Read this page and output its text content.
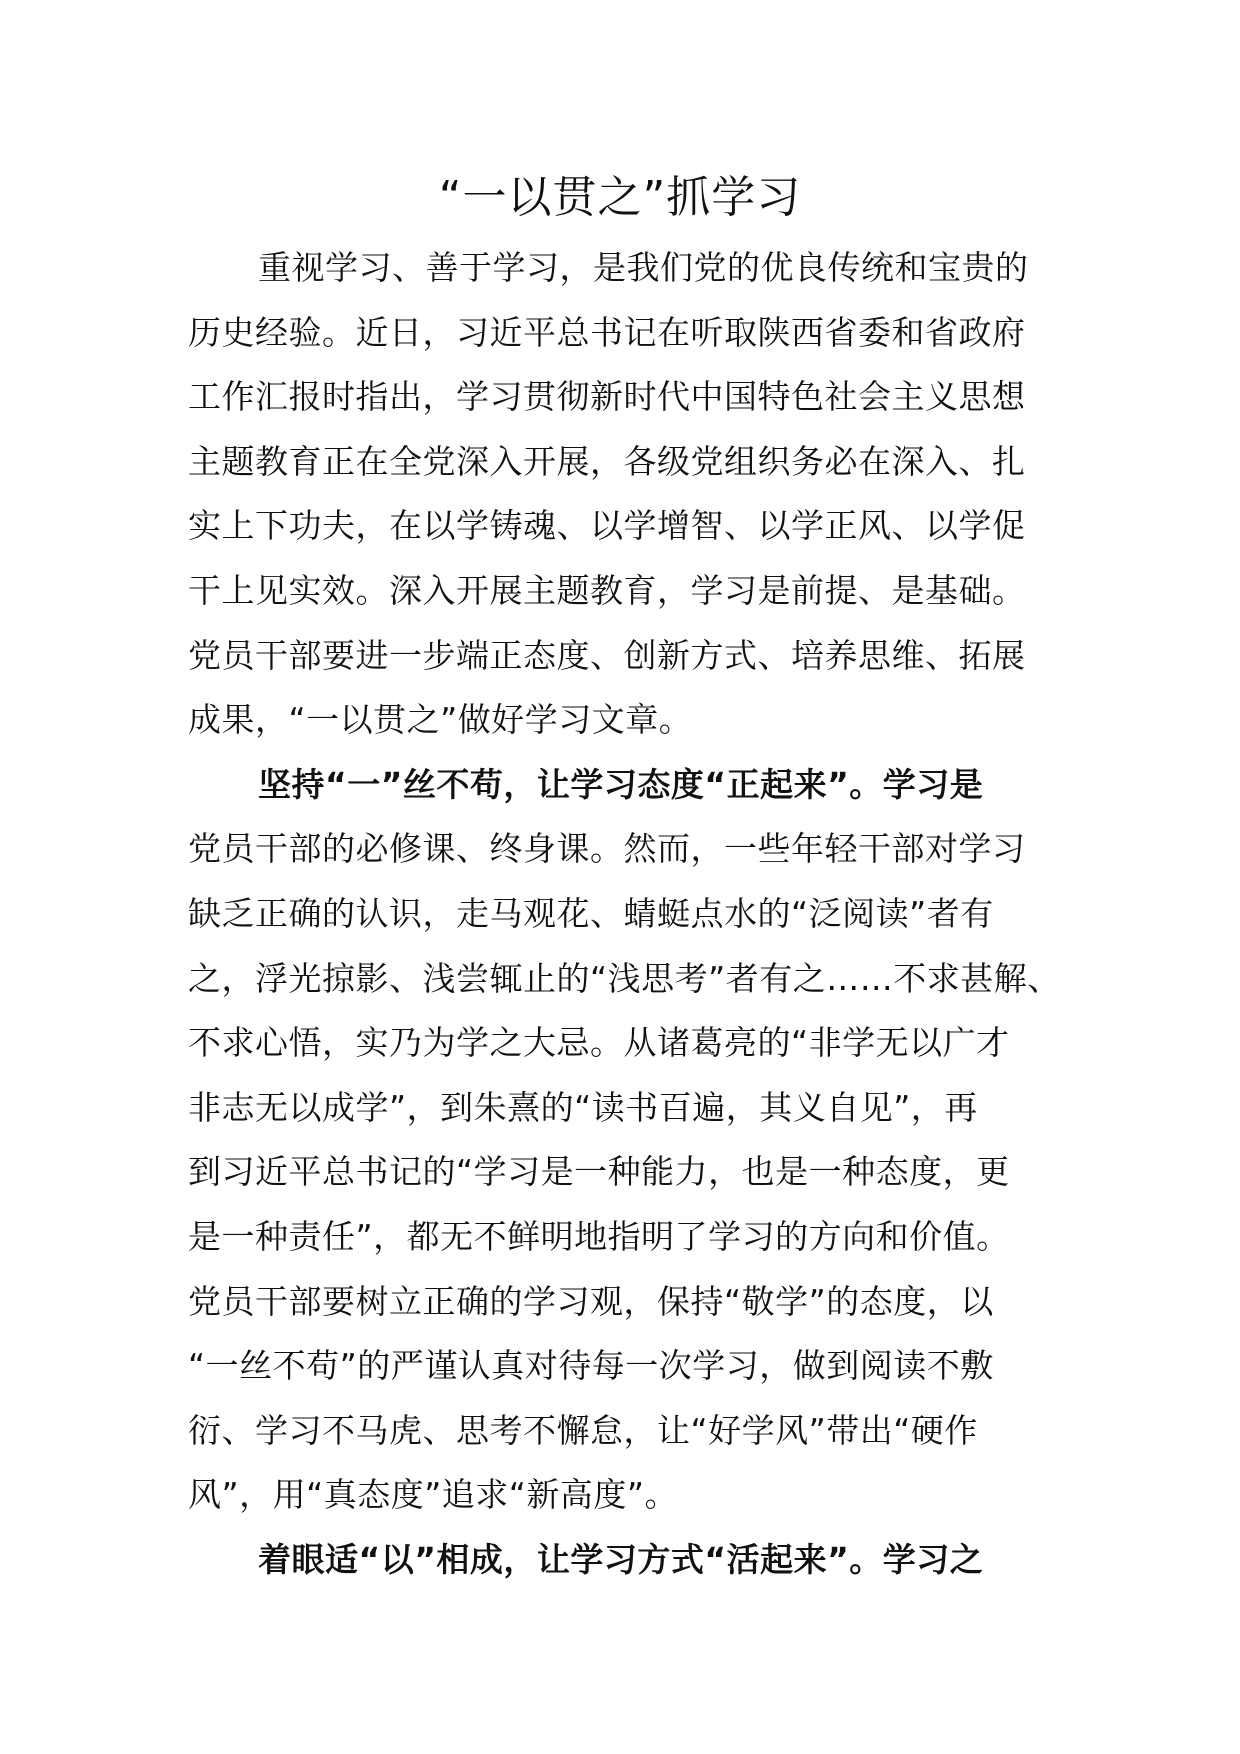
“一以贯之”抓学习
重视学习、善于学习，是我们党的优良传统和宝贵的
历史经验。近日，习近平总书记在听取陕西省委和省政府
工作汇报时指出，学习贯彻新时代中国特色社会主义思想
主题教育正在全党深入开展，各级党组织务必在深入、扎
实上下功夫，在以学铸魂、以学增智、以学正风、以学促
干上见实效。深入开展主题教育，学习是前提、是基础。
党员干部要进一步端正态度、创新方式、培养思维、拓展
成果，“一以贯之”做好学习文章。
坚持“一”丝不苟，让学习态度“正起来”。学习是
党员干部的必修课、终身课。然而，一些年轻干部对学习
缺乏正确的认识，走马观花、蜻蜓点水的“泛阅读”者有
之，浮光掠影、浅尝辄止的“浅思考”者有之……不求甚解、
不求心悟，实乃为学之大忌。从诸葛亮的“非学无以广才
非志无以成学”，到朱熹的“读书百遍，其义自见”，再
到习近平总书记的“学习是一种能力，也是一种态度，更
是一种责任”，都无不鲜明地指明了学习的方向和价值。
党员干部要树立正确的学习观，保持“敬学”的态度，以
“一丝不苟”的严谨认真对待每一次学习，做到阅读不敷
衍、学习不马虎、思考不懈怠，让“好学风”带出“硬作
风”，用“真态度”追求“新高度”。
着眼适“以”相成，让学习方式“活起来”。学习之
